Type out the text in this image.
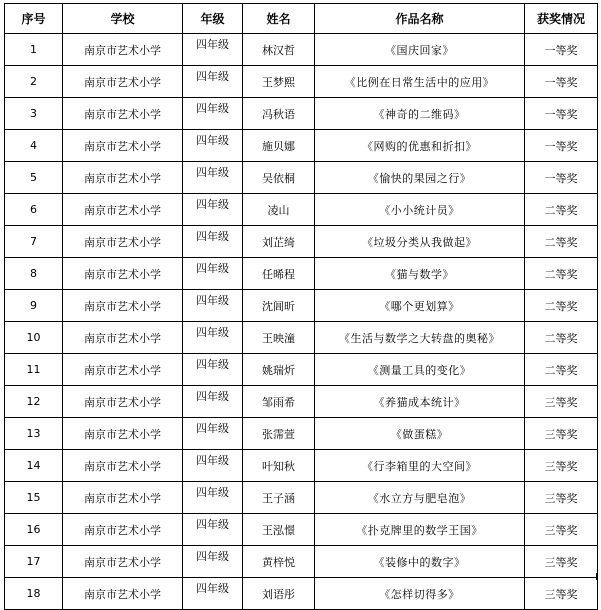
序号	学校	年级	姓名	作品名称	获奖情况
1	南京市艺术小学	四年级	林汉哲	《国庆回家》	一等奖
2	南京市艺术小学	四年级	王梦熙	《比例在日常生活中的应用》	一等奖
3	南京市艺术小学	四年级	冯秋语	《神奇的二维码》	一等奖
4	南京市艺术小学	四年级	施贝娜	《网购的优惠和折扣》	一等奖
5	南京市艺术小学	四年级	吴依桐	《愉快的果园之行》	一等奖
6	南京市艺术小学	四年级	凌山	《小小统计员》	二等奖
7	南京市艺术小学	四年级	刘芷绮	《垃圾分类从我做起》	二等奖
8	南京市艺术小学	四年级	任晞程	《猫与数学》	二等奖
9	南京市艺术小学	四年级	沈阊昕	《哪个更划算》	二等奖
10	南京市艺术小学	四年级	王映潼	《生活与数学之大转盘的奥秘》	二等奖
11	南京市艺术小学	四年级	姚瑞炘	《测量工具的变化》	二等奖
12	南京市艺术小学	四年级	邹雨希	《养猫成本统计》	三等奖
13	南京市艺术小学	四年级	张霈萱	《做蛋糕》	三等奖
14	南京市艺术小学	四年级	叶知秋	《行李箱里的大空间》	三等奖
15	南京市艺术小学	四年级	王子涵	《水立方与肥皂泡》	三等奖
16	南京市艺术小学	四年级	王泓憬	《扑克牌里的数学王国》	三等奖
17	南京市艺术小学	四年级	黄梓悦	《装修中的数字》	三等奖
18	南京市艺术小学	四年级	刘语彤	《怎样切得多》	三等奖
